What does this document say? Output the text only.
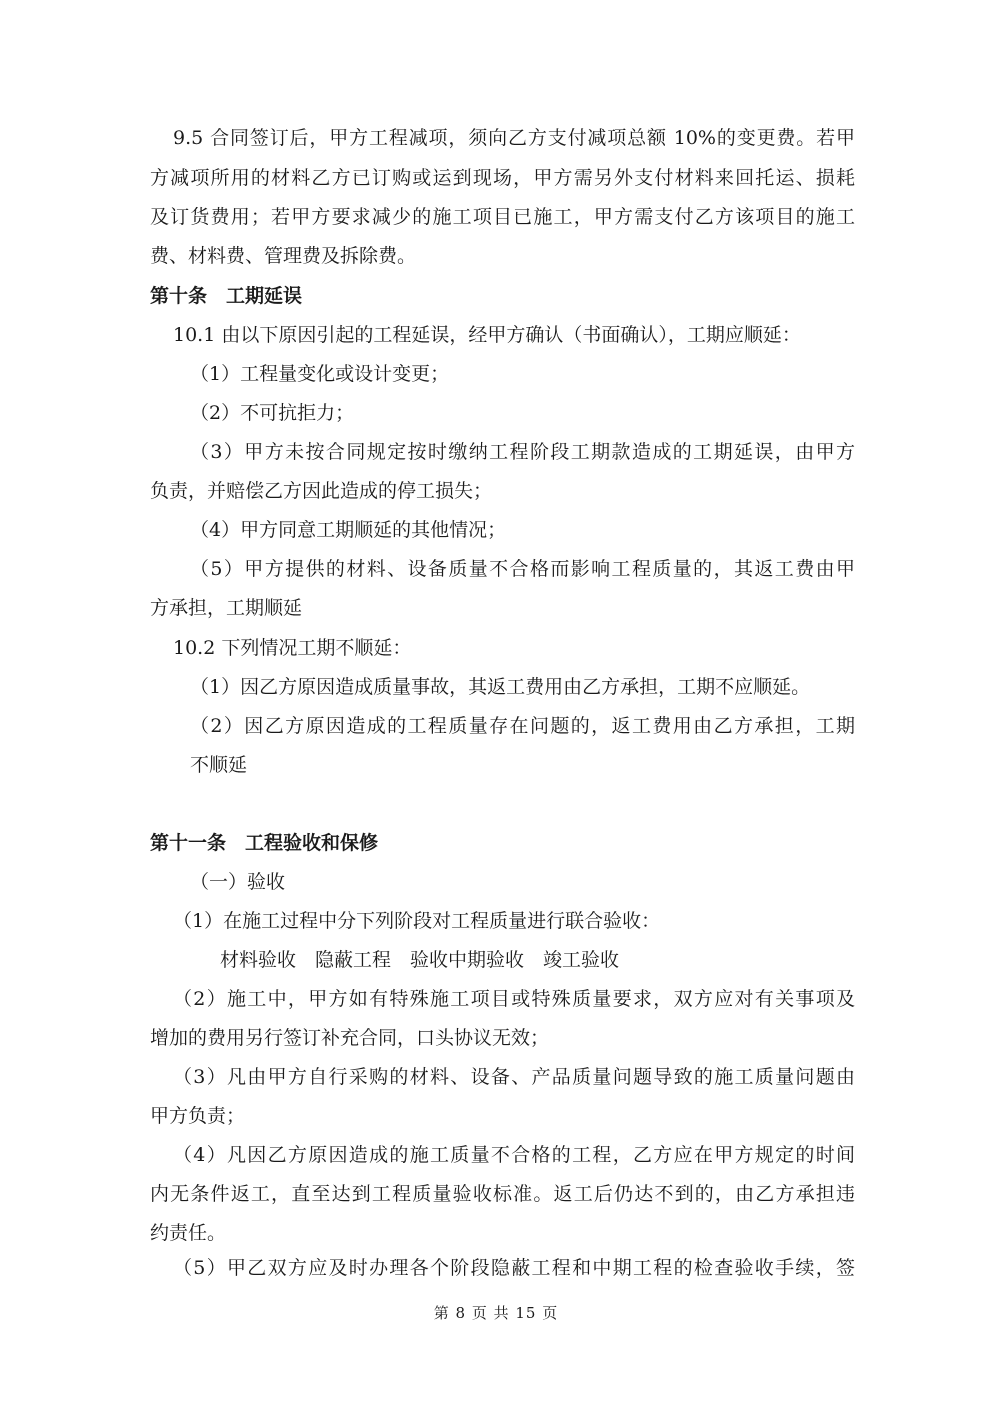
9.5 合同签订后，甲方工程减项，须向乙方支付减项总额 10%的变更费。若甲
方减项所用的材料乙方已订购或运到现场，甲方需另外支付材料来回托运、损耗
及订货费用；若甲方要求减少的施工项目已施工，甲方需支付乙方该项目的施工
费、材料费、管理费及拆除费。
第十条　工期延误
10.1 由以下原因引起的工程延误，经甲方确认（书面确认），工期应顺延：
（1）工程量变化或设计变更；
（2）不可抗拒力；
（3）甲方未按合同规定按时缴纳工程阶段工期款造成的工期延误，由甲方
负责，并赔偿乙方因此造成的停工损失；
（4）甲方同意工期顺延的其他情况；
（5）甲方提供的材料、设备质量不合格而影响工程质量的，其返工费由甲
方承担，工期顺延
10.2 下列情况工期不顺延：
（1）因乙方原因造成质量事故，其返工费用由乙方承担，工期不应顺延。
（2）因乙方原因造成的工程质量存在问题的，返工费用由乙方承担，工期
不顺延
第十一条　工程验收和保修
（一）验收
（1）在施工过程中分下列阶段对工程质量进行联合验收：
材料验收　隐蔽工程　验收中期验收　竣工验收
（2）施工中，甲方如有特殊施工项目或特殊质量要求，双方应对有关事项及
增加的费用另行签订补充合同，口头协议无效；
（3）凡由甲方自行采购的材料、设备、产品质量问题导致的施工质量问题由
甲方负责；
（4）凡因乙方原因造成的施工质量不合格的工程，乙方应在甲方规定的时间
内无条件返工，直至达到工程质量验收标准。返工后仍达不到的，由乙方承担违
约责任。
（5）甲乙双方应及时办理各个阶段隐蔽工程和中期工程的检查验收手续，签
第 8 页 共 15 页
